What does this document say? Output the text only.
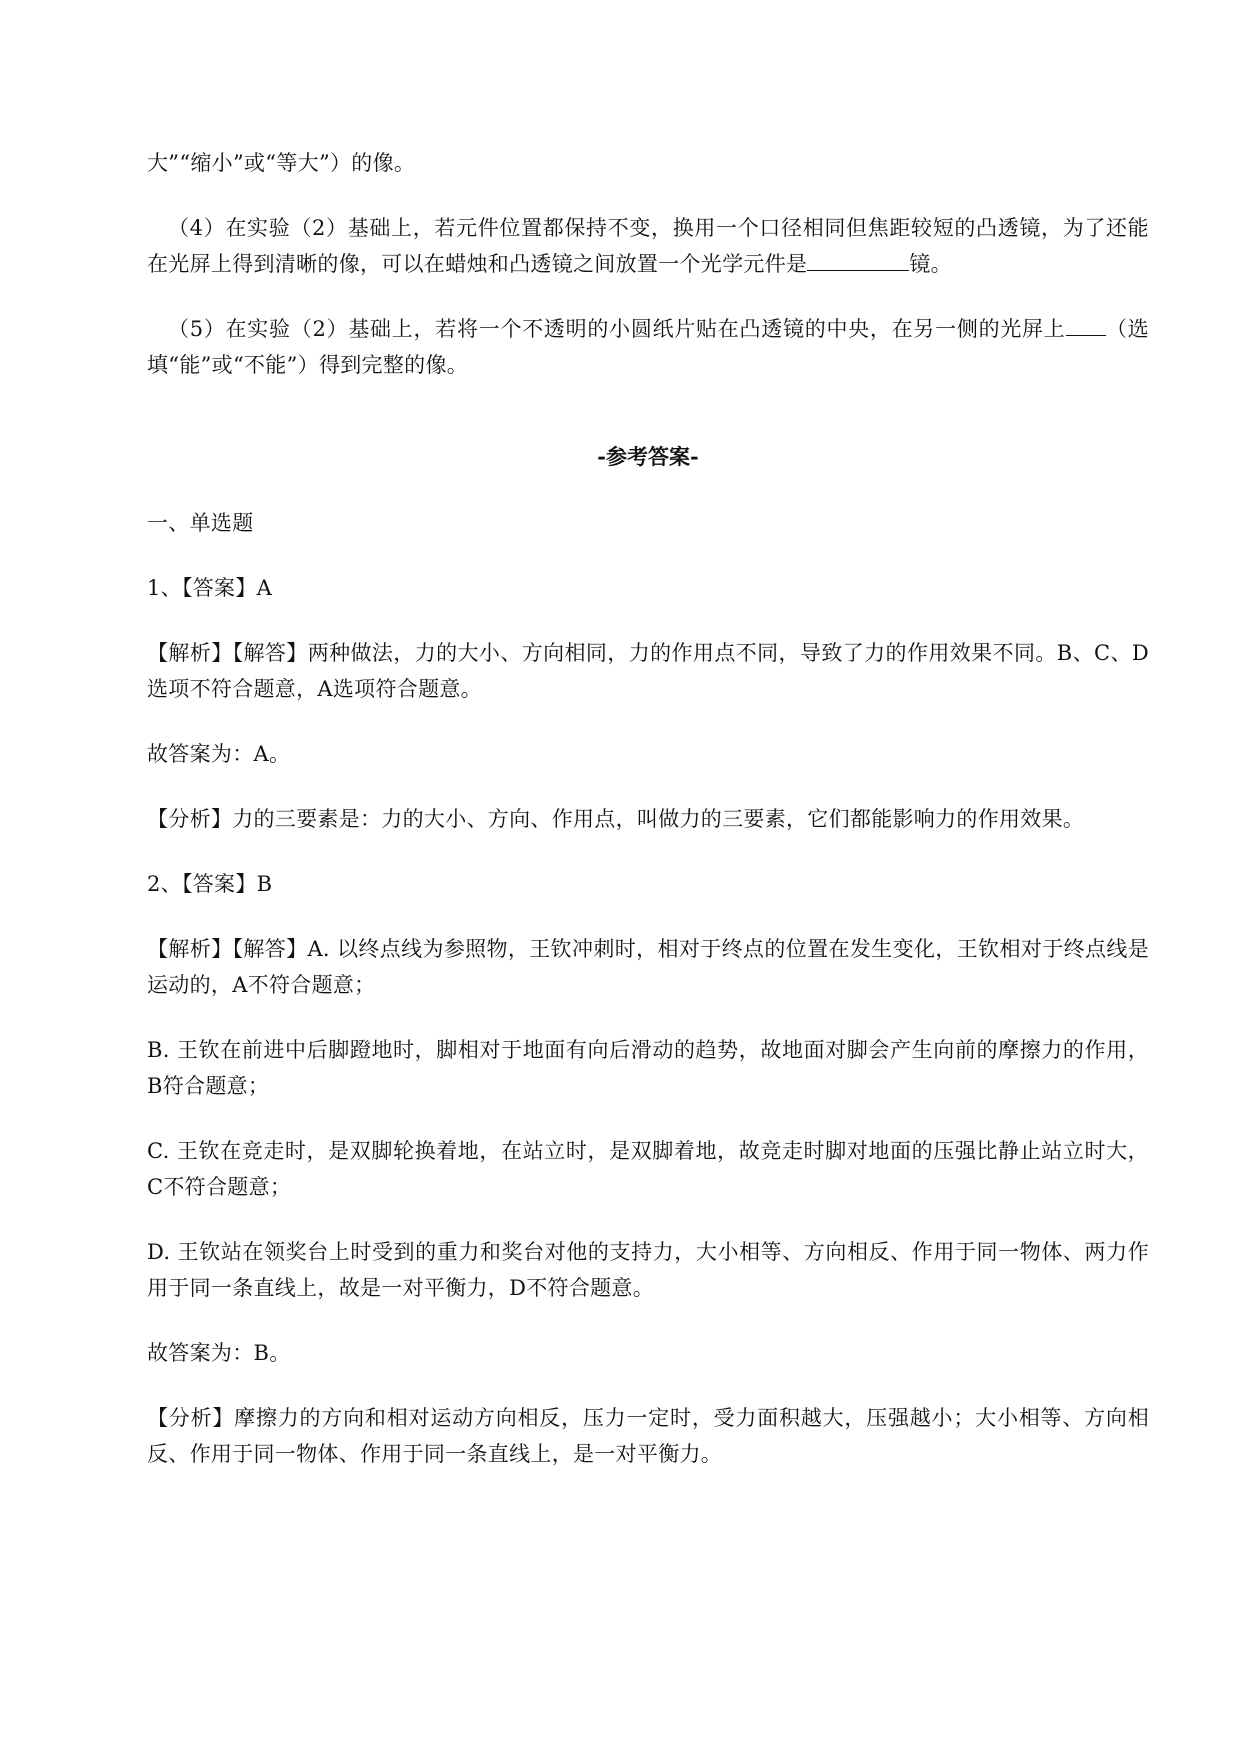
大”“缩小”或“等大”）的像。

（4）在实验（2）基础上，若元件位置都保持不变，换用一个口径相同但焦距较短的凸透镜，为了还能在光屏上得到清晰的像，可以在蜡烛和凸透镜之间放置一个光学元件是	镜。

（5）在实验（2）基础上，若将一个不透明的小圆纸片贴在凸透镜的中央，在另一侧的光屏上 （选填“能”或“不能”）得到完整的像。

-参考答案-

一、单选题

1、【答案】A

【解析】【解答】两种做法，力的大小、方向相同，力的作用点不同，导致了力的作用效果不同。B、C、D选项不符合题意，A选项符合题意。

故答案为：A。

【分析】力的三要素是：力的大小、方向、作用点，叫做力的三要素，它们都能影响力的作用效果。

2、【答案】B

【解析】【解答】A. 以终点线为参照物，王钦冲刺时，相对于终点的位置在发生变化，王钦相对于终点线是运动的，A不符合题意；

B. 王钦在前进中后脚蹬地时，脚相对于地面有向后滑动的趋势，故地面对脚会产生向前的摩擦力的作用，B符合题意；

C. 王钦在竞走时，是双脚轮换着地，在站立时，是双脚着地，故竞走时脚对地面的压强比静止站立时大，C不符合题意；

D. 王钦站在领奖台上时受到的重力和奖台对他的支持力，大小相等、方向相反、作用于同一物体、两力作用于同一条直线上，故是一对平衡力，D不符合题意。

故答案为：B。

【分析】摩擦力的方向和相对运动方向相反，压力一定时，受力面积越大，压强越小；大小相等、方向相反、作用于同一物体、作用于同一条直线上，是一对平衡力。
